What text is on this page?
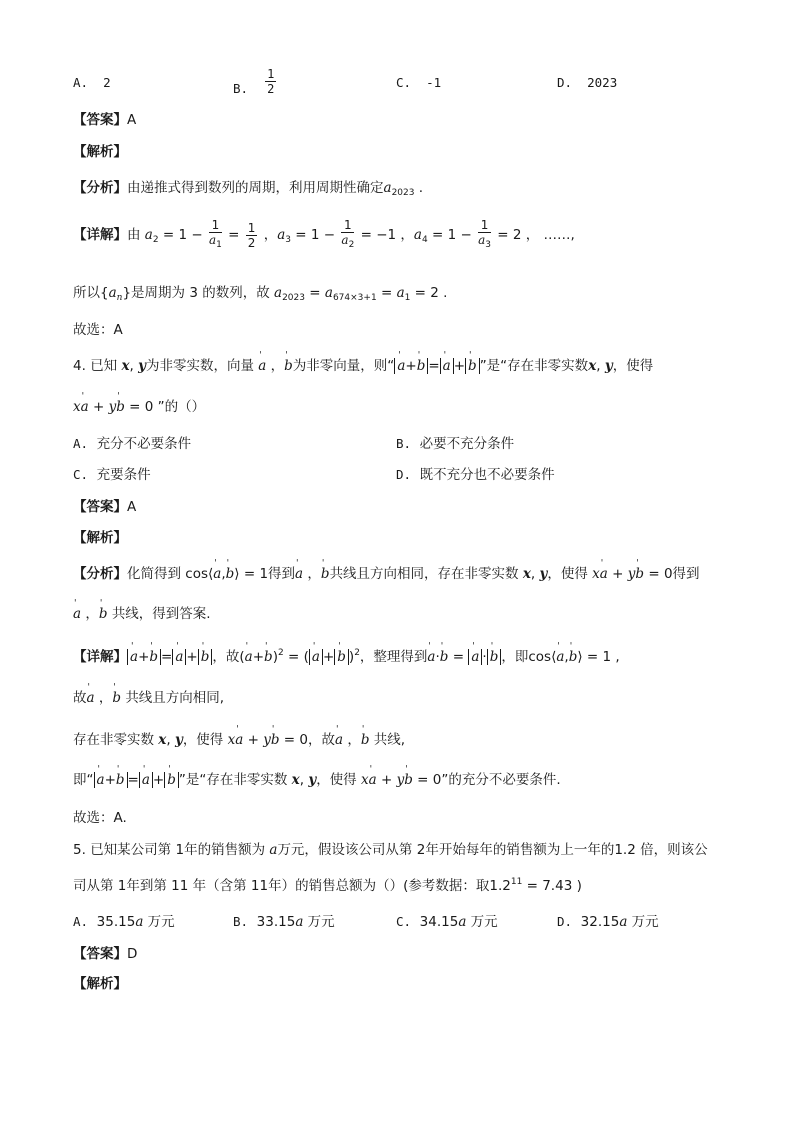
A. 2	B. $\frac{1}{2}$	C. -1	D. 2023
【答案】A
【解析】
【分析】由递推式得到数列的周期，利用周期性确定$a_{2023}$ .
【详解】由 $a_2 = 1 - \frac{1}{a_1} = \frac{1}{2}$ ，$a_3 = 1 - \frac{1}{a_2} = -1$ ，$a_4 = 1 - \frac{1}{a_3} = 2$ ， ……,
所以$\{a_n\}$是周期为 3 的数列，故 $a_{2023} = a_{674\times 3+1} = a_1 = 2$ .
故选：A
4. 已知 x, y为非零实数，向量 ' a ，' b为非零向量，则“ ' a+' b = ' a + ' b ”是“存在非零实数x, y，使得
x' a + y' b = 0 ”的（）
A. 充分不必要条件	B. 必要不充分条件
C. 充要条件	D. 既不充分也不必要条件
【答案】A
【解析】
【分析】化简得到 cos⟨' a,' b⟩ = 1得到' a ，' b共线且方向相同，存在非零实数 x, y，使得 x' a + y' b = 0得到
' a ，' b 共线，得到答案.
【详解】 ' a+' b = ' a + ' b ，故(' a+' b)$^2$ = ( ' a + ' b )$^2$，整理得到' a·' b = ' a · ' b ，即cos⟨' a,' b⟩ = 1 ,
故' a ，' b 共线且方向相同,
存在非零实数 x, y，使得 x' a + y' b = 0，故' a ，' b 共线,
即“ ' a+' b = ' a + ' b ”是“存在非零实数 x, y，使得 x' a + y' b = 0”的充分不必要条件.
故选：A.
5. 已知某公司第 1年的销售额为 a万元，假设该公司从第 2年开始每年的销售额为上一年的1.2 倍，则该公
司从第 1年到第 11 年（含第 11年）的销售总额为（）(参考数据：取$1.2^{11} = 7.43$ )
A. 35.15a 万元	B. 33.15a 万元	C. 34.15a 万元	D. 32.15a 万元
【答案】D
【解析】
